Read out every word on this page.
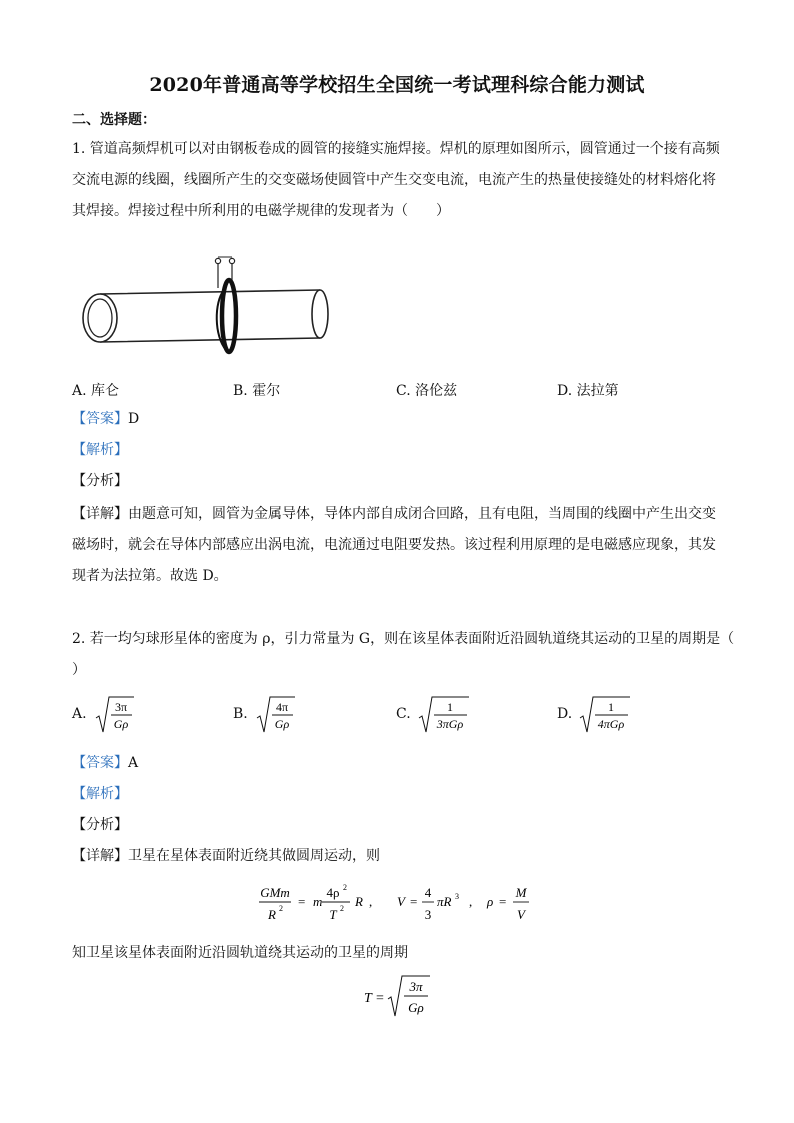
2020年普通高等学校招生全国统一考试理科综合能力测试
二、选择题：
1. 管道高频焊机可以对由钢板卷成的圆管的接缝实施焊接。焊机的原理如图所示，圆管通过一个接有高频
交流电源的线圈，线圈所产生的交变磁场使圆管中产生交变电流，电流产生的热量使接缝处的材料熔化将
其焊接。焊接过程中所利用的电磁学规律的发现者为（　　）
A. 库仑	B. 霍尔	C. 洛伦兹	D. 法拉第
【答案】D
【解析】
【分析】
【详解】由题意可知，圆管为金属导体，导体内部自成闭合回路，且有电阻，当周围的线圈中产生出交变
磁场时，就会在导体内部感应出涡电流，电流通过电阻要发热。该过程利用原理的是电磁感应现象，其发
现者为法拉第。故选 D。
2. 若一均匀球形星体的密度为 ρ，引力常量为 G，则在该星体表面附近沿圆轨道绕其运动的卫星的周期是（
）
A. 3π
Gρ
B. 4π
Gρ
C.	1
3πGρ
D.	1
4πGρ
【答案】A
【解析】
【分析】
【详解】卫星在星体表面附近绕其做圆周运动，则
GMm
R 2 = m
4ρ 2
T 2 R , V =
4
3
πR 3 , ρ =
M
V
知卫星该星体表面附近沿圆轨道绕其运动的卫星的周期
T =
3π
Gρ
